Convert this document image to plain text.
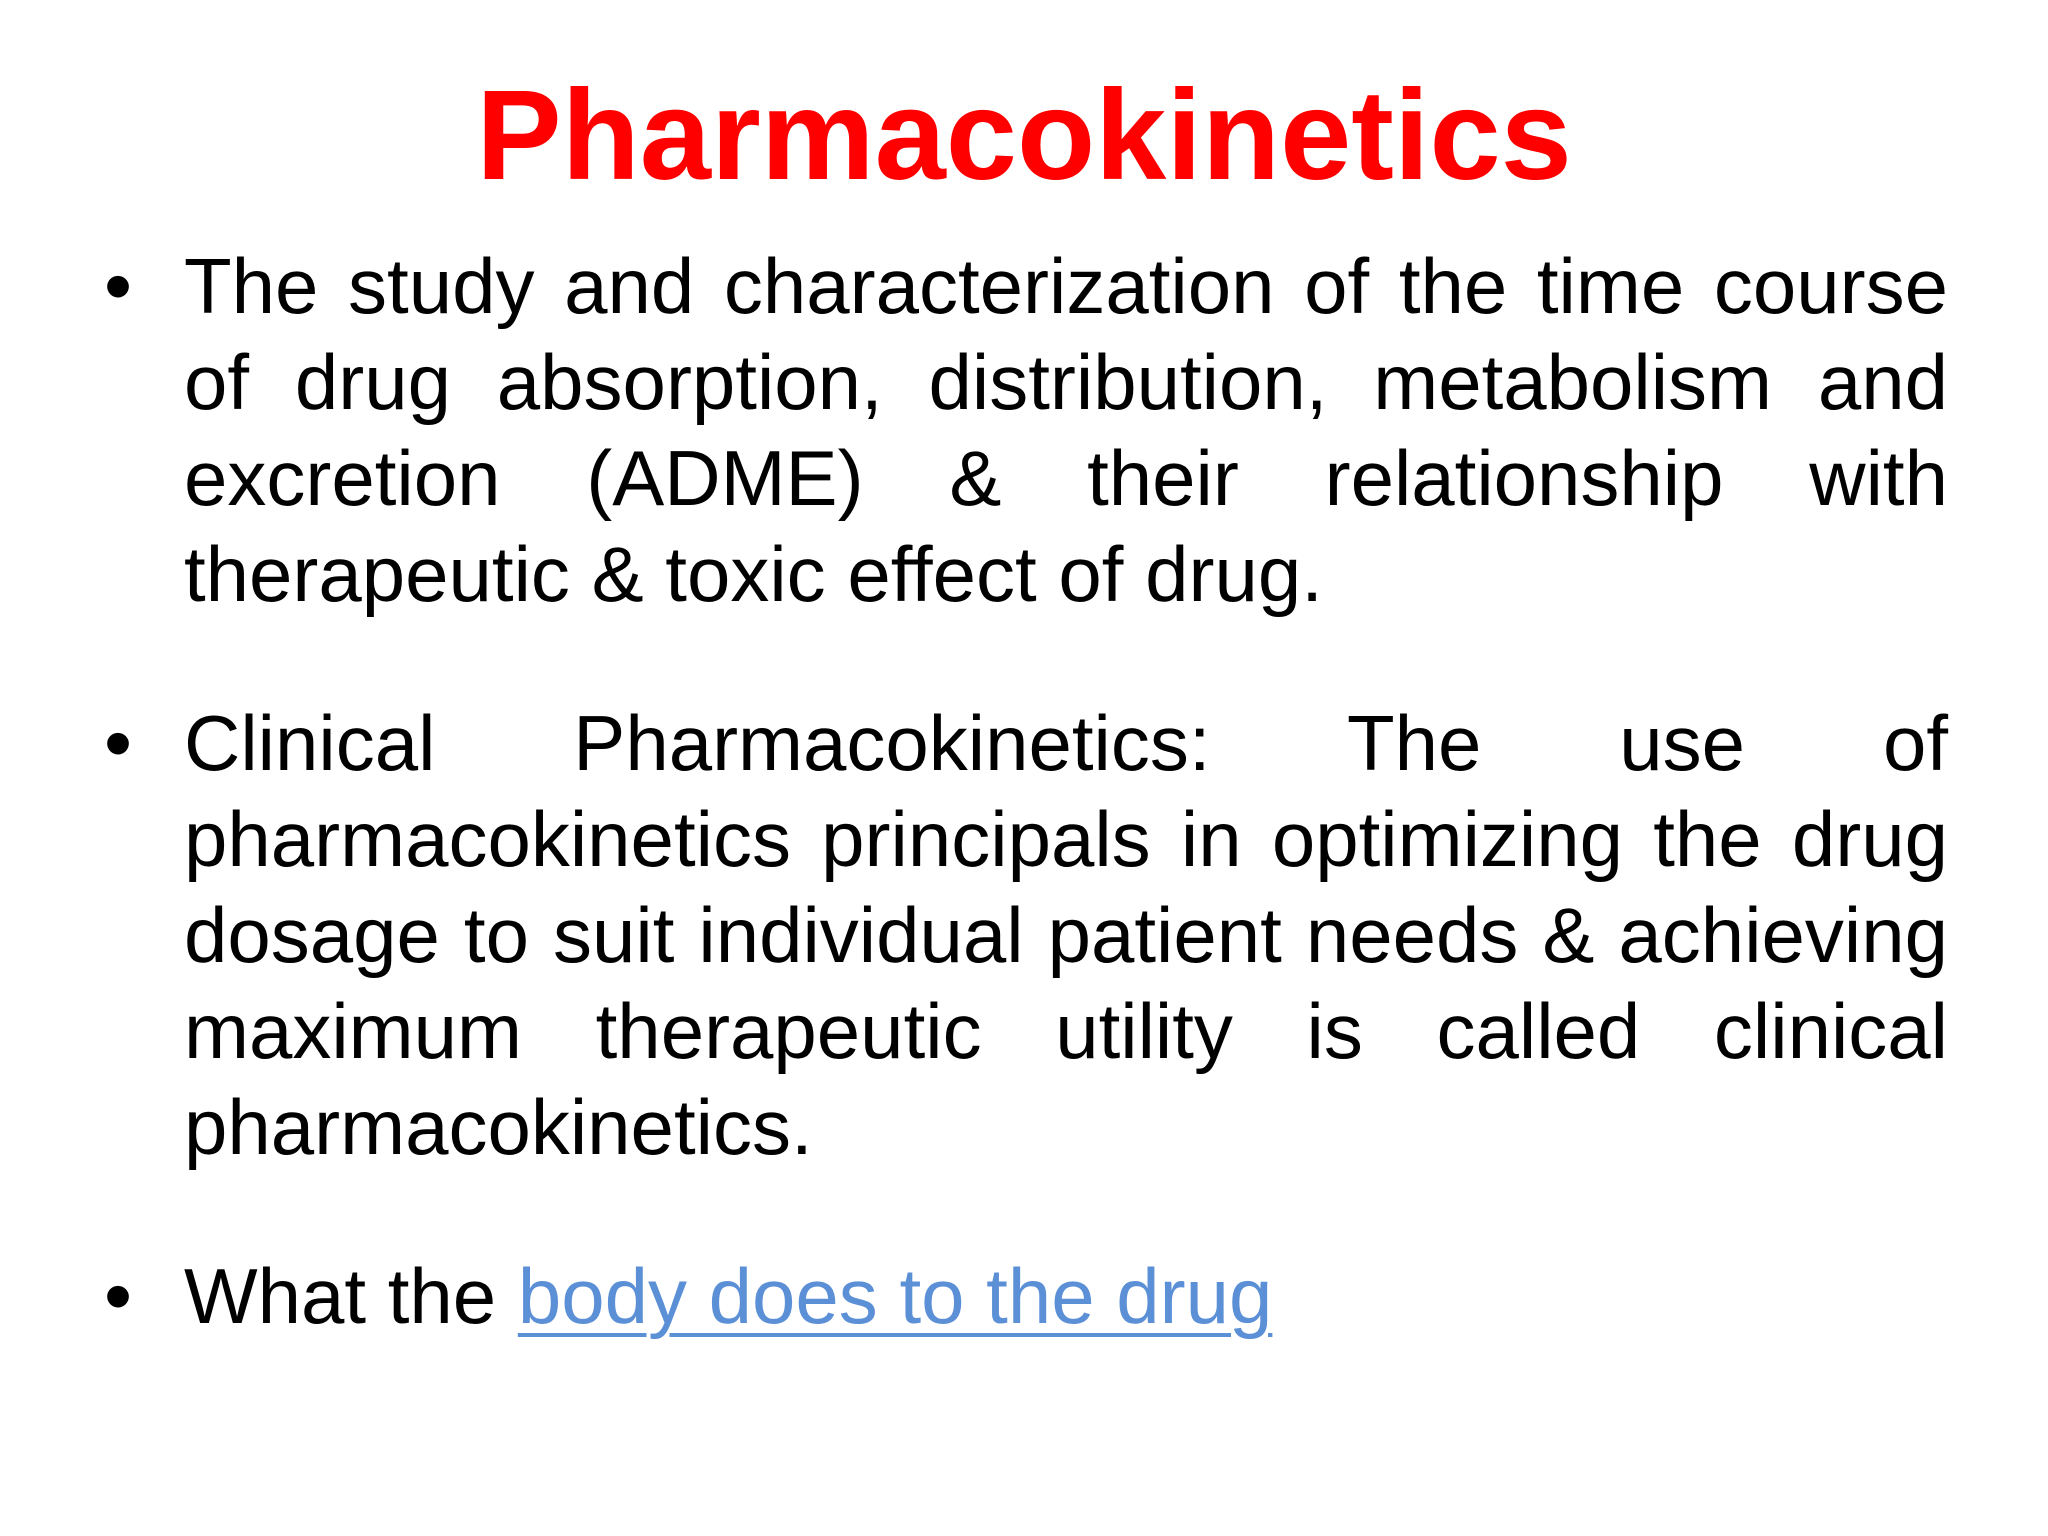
Pharmacokinetics
• The study and characterization of the time course of drug absorption, distribution, metabolism and excretion (ADME) & their relationship with therapeutic & toxic effect of drug.

• Clinical Pharmacokinetics: The use of pharmacokinetics principals in optimizing the drug dosage to suit individual patient needs & achieving maximum therapeutic utility is called clinical pharmacokinetics.

• What the body does to the drug
